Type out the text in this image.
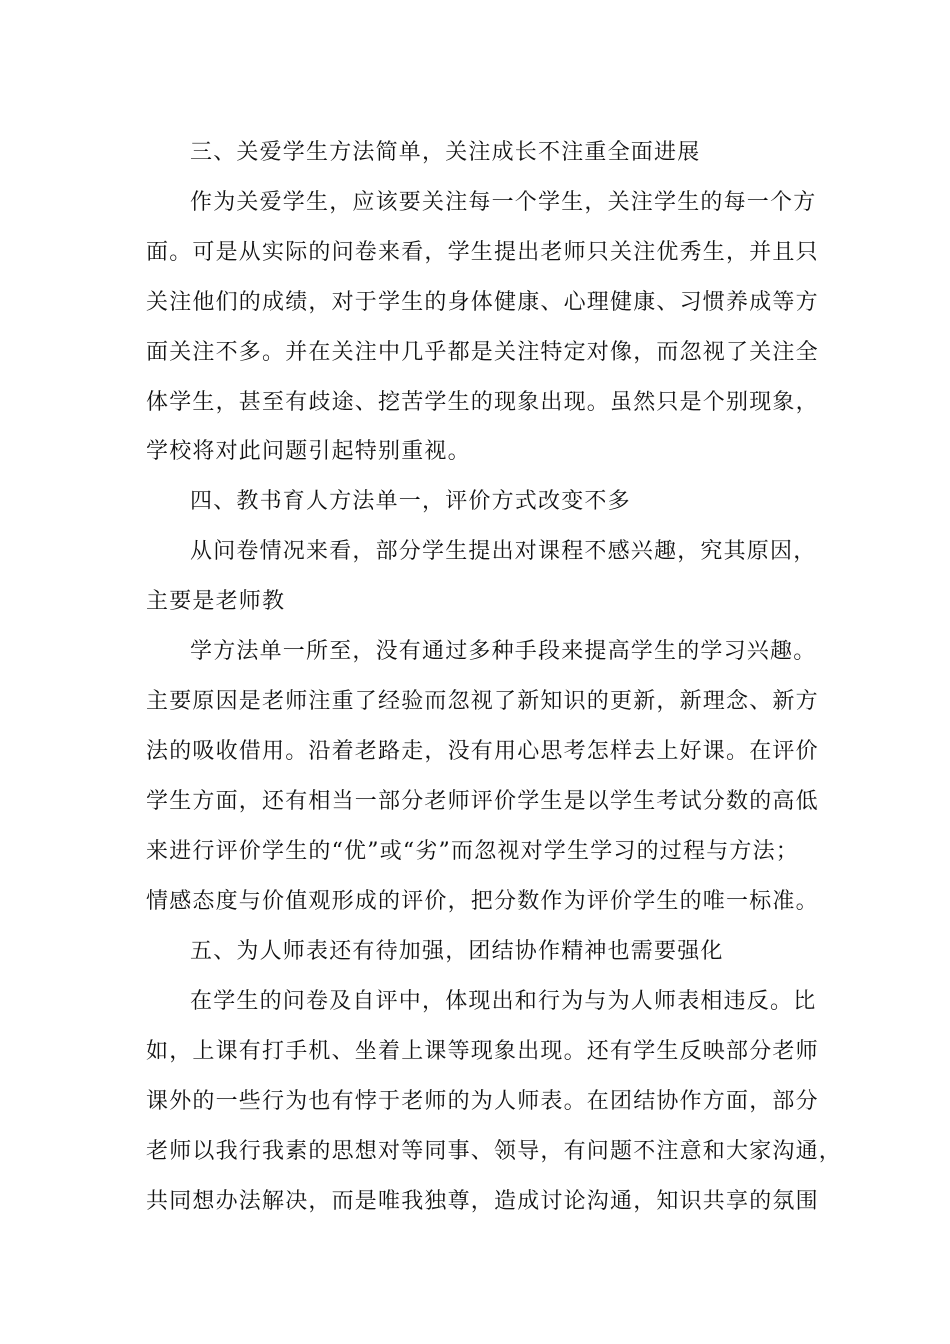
三、关爱学生方法简单，关注成长不注重全面进展
作为关爱学生，应该要关注每一个学生，关注学生的每一个方
面。可是从实际的问卷来看，学生提出老师只关注优秀生，并且只
关注他们的成绩，对于学生的身体健康、心理健康、习惯养成等方
面关注不多。并在关注中几乎都是关注特定对像，而忽视了关注全
体学生，甚至有歧途、挖苦学生的现象出现。虽然只是个别现象，
学校将对此问题引起特别重视。
四、教书育人方法单一，评价方式改变不多
从问卷情况来看，部分学生提出对课程不感兴趣，究其原因，
主要是老师教
学方法单一所至，没有通过多种手段来提高学生的学习兴趣。
主要原因是老师注重了经验而忽视了新知识的更新，新理念、新方
法的吸收借用。沿着老路走，没有用心思考怎样去上好课。在评价
学生方面，还有相当一部分老师评价学生是以学生考试分数的高低
来进行评价学生的“优”或“劣”而忽视对学生学习的过程与方法；
情感态度与价值观形成的评价，把分数作为评价学生的唯一标准。
五、为人师表还有待加强，团结协作精神也需要强化
在学生的问卷及自评中，体现出和行为与为人师表相违反。比
如，上课有打手机、坐着上课等现象出现。还有学生反映部分老师
课外的一些行为也有悖于老师的为人师表。在团结协作方面，部分
老师以我行我素的思想对等同事、领导，有问题不注意和大家沟通，
共同想办法解决，而是唯我独尊，造成讨论沟通，知识共享的氛围
